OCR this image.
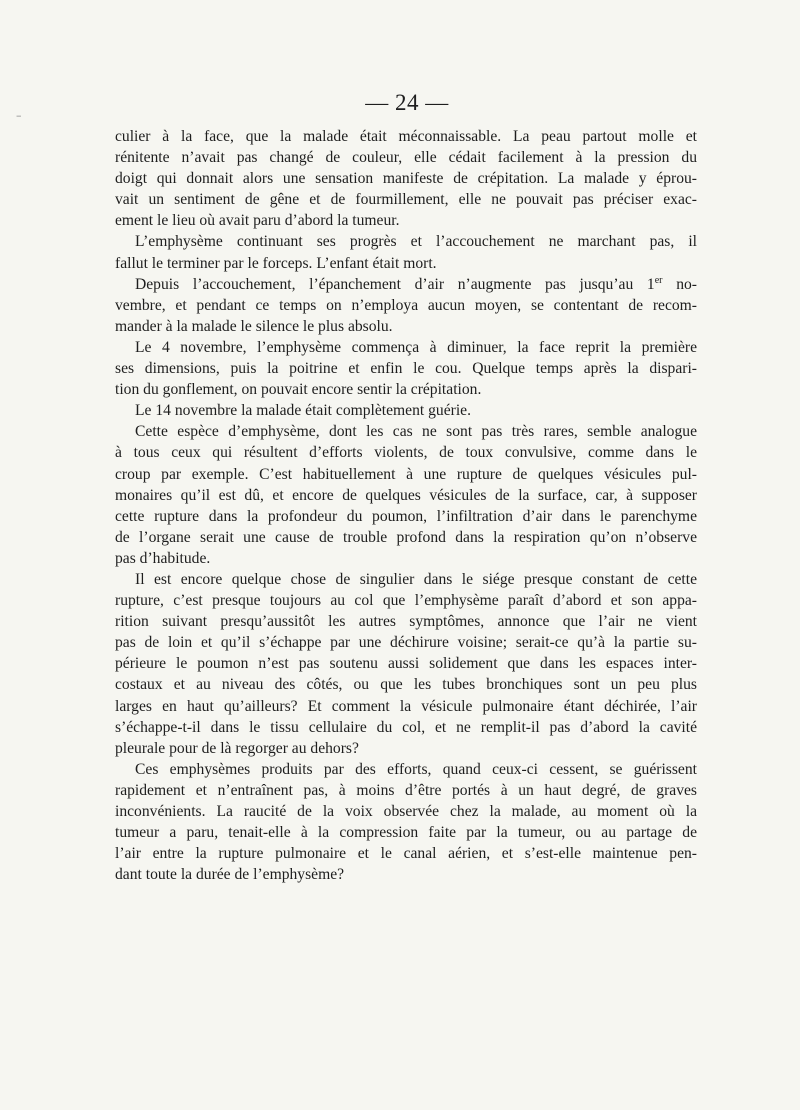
–
— 24 —
culier à la face, que la malade était méconnaissable. La peau partout molle et
rénitente n’avait pas changé de couleur, elle cédait facilement à la pression du
doigt qui donnait alors une sensation manifeste de crépitation. La malade y éprou-
vait un sentiment de gêne et de fourmillement, elle ne pouvait pas préciser exac-
ement le lieu où avait paru d’abord la tumeur.
L’emphysème continuant ses progrès et l’accouchement ne marchant pas, il
fallut le terminer par le forceps. L’enfant était mort.
Depuis l’accouchement, l’épanchement d’air n’augmente pas jusqu’au 1er no-
vembre, et pendant ce temps on n’employa aucun moyen, se contentant de recom-
mander à la malade le silence le plus absolu.
Le 4 novembre, l’emphysème commença à diminuer, la face reprit la première
ses dimensions, puis la poitrine et enfin le cou. Quelque temps après la dispari-
tion du gonflement, on pouvait encore sentir la crépitation.
Le 14 novembre la malade était complètement guérie.
Cette espèce d’emphysème, dont les cas ne sont pas très rares, semble analogue
à tous ceux qui résultent d’efforts violents, de toux convulsive, comme dans le
croup par exemple. C’est habituellement à une rupture de quelques vésicules pul-
monaires qu’il est dû, et encore de quelques vésicules de la surface, car, à supposer
cette rupture dans la profondeur du poumon, l’infiltration d’air dans le parenchyme
de l’organe serait une cause de trouble profond dans la respiration qu’on n’observe
pas d’habitude.
Il est encore quelque chose de singulier dans le siége presque constant de cette
rupture, c’est presque toujours au col que l’emphysème paraît d’abord et son appa-
rition suivant presqu’aussitôt les autres symptômes, annonce que l’air ne vient
pas de loin et qu’il s’échappe par une déchirure voisine; serait-ce qu’à la partie su-
périeure le poumon n’est pas soutenu aussi solidement que dans les espaces inter-
costaux et au niveau des côtés, ou que les tubes bronchiques sont un peu plus
larges en haut qu’ailleurs? Et comment la vésicule pulmonaire étant déchirée, l’air
s’échappe-t-il dans le tissu cellulaire du col, et ne remplit-il pas d’abord la cavité
pleurale pour de là regorger au dehors?
Ces emphysèmes produits par des efforts, quand ceux-ci cessent, se guérissent
rapidement et n’entraînent pas, à moins d’être portés à un haut degré, de graves
inconvénients. La raucité de la voix observée chez la malade, au moment où la
tumeur a paru, tenait-elle à la compression faite par la tumeur, ou au partage de
l’air entre la rupture pulmonaire et le canal aérien, et s’est-elle maintenue pen-
dant toute la durée de l’emphysème?
